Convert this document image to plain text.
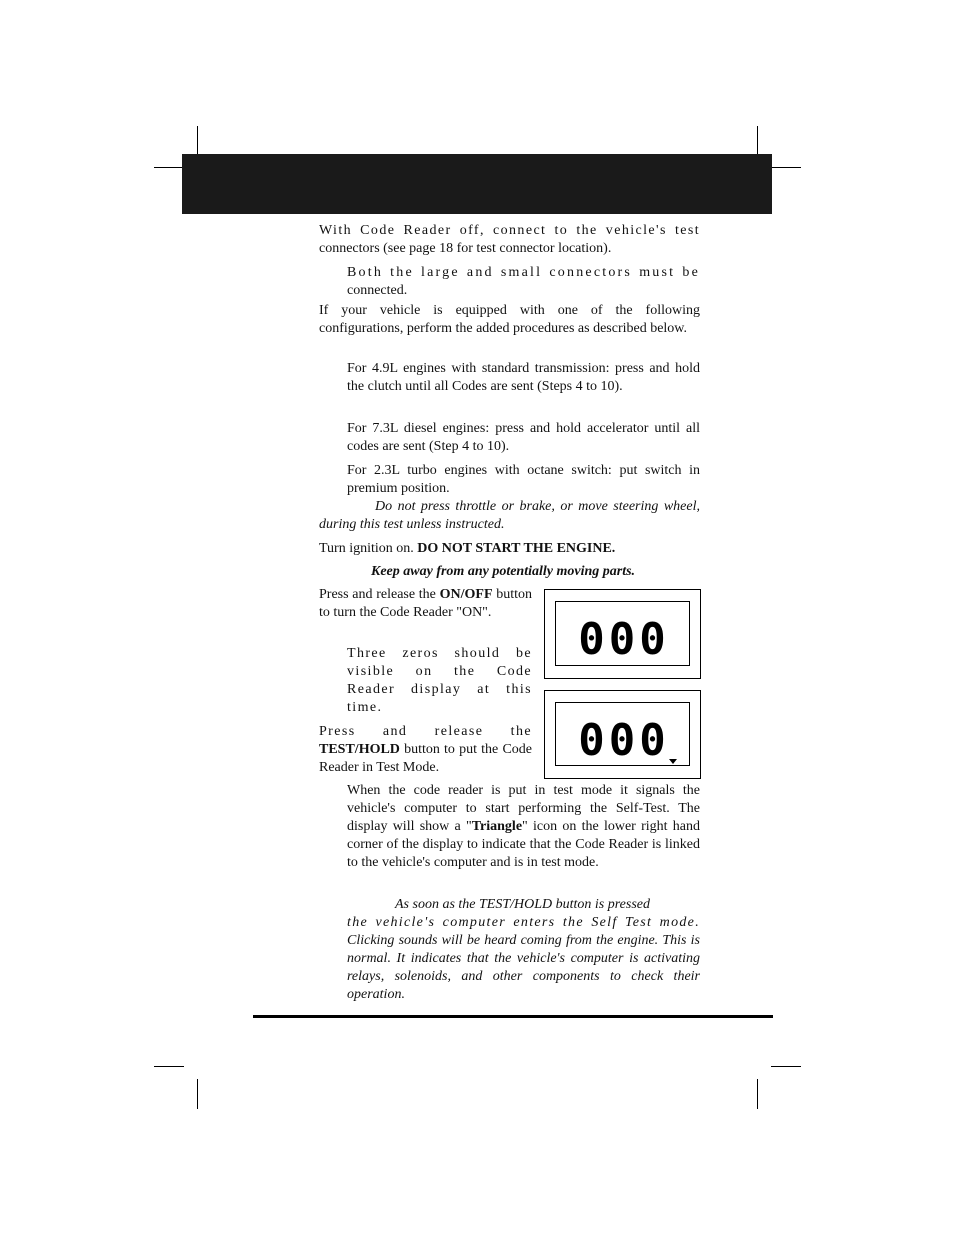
With Code Reader off, connect to the vehicle's test

connectors (see page 18 for test connector location).

Both the large and small connectors must be

connected.

If your vehicle is equipped with one of the following configurations, perform the added procedures as described below.

For 4.9L engines with standard transmission: press and hold the clutch until all Codes are sent (Steps 4 to 10).

For 7.3L diesel engines: press and hold accelerator until all codes are sent (Step 4 to 10).

For 2.3L turbo engines with octane switch: put switch in premium position.

Do not press throttle or brake, or move steering wheel, during this test unless instructed.

Turn ignition on. DO NOT START THE ENGINE.

Keep away from any potentially moving parts.

Press and release the ON/OFF button to turn the Code Reader "ON".

Three zeros should be visible on the Code Reader display at this time.

000

Press and release the

TEST/HOLD button to put the Code Reader in Test Mode.

000

When the code reader is put in test mode it signals the vehicle's computer to start performing the Self-Test. The display will show a "Triangle" icon on the lower right hand corner of the display to indicate that the Code Reader is linked to the vehicle's computer and is in test mode.

As soon as the TEST/HOLD button is pressed

the vehicle's computer enters the Self Test mode.

Clicking sounds will be heard coming from the engine. This is normal. It indicates that the vehicle's computer is activating relays, solenoids, and other components to check their operation.
